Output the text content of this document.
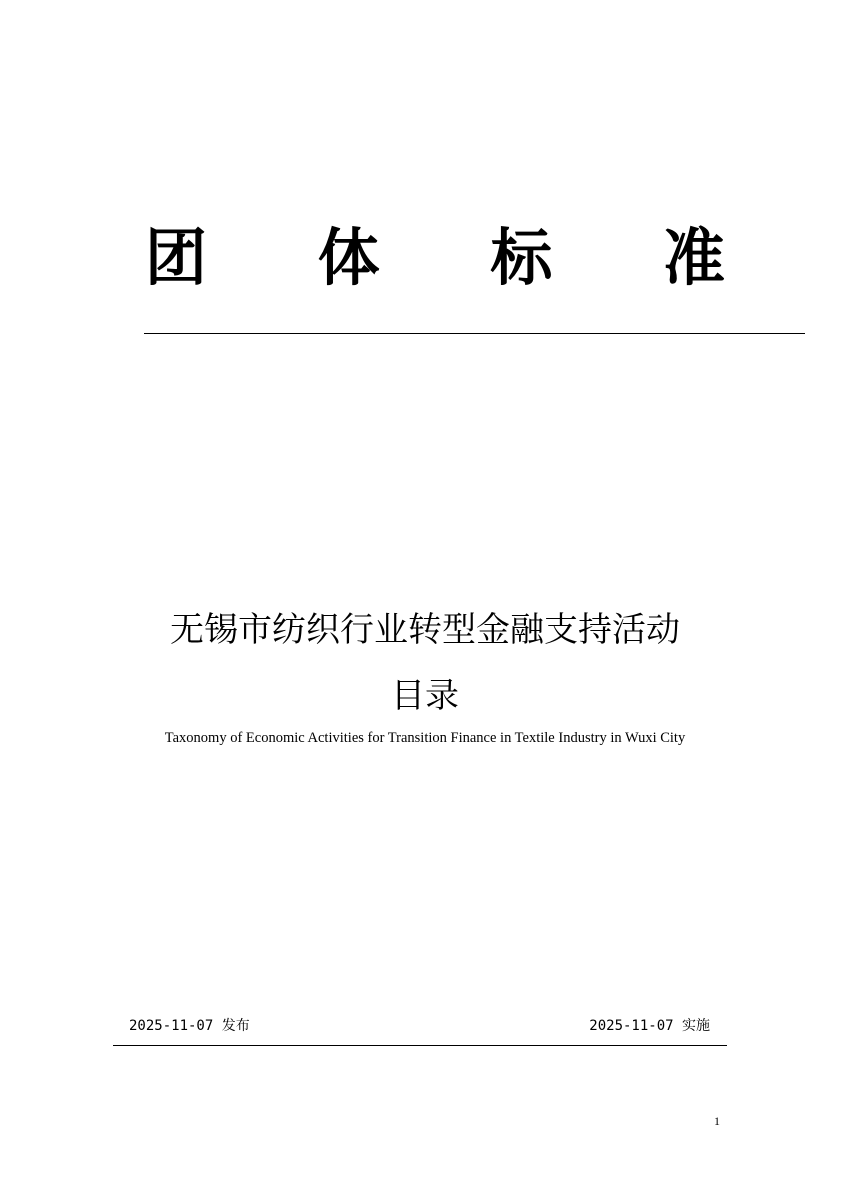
团 体 标 准
无锡市纺织行业转型金融支持活动
目录
Taxonomy of Economic Activities for Transition Finance in Textile Industry in Wuxi City
2025-11-07 发布	2025-11-07 实施
1
